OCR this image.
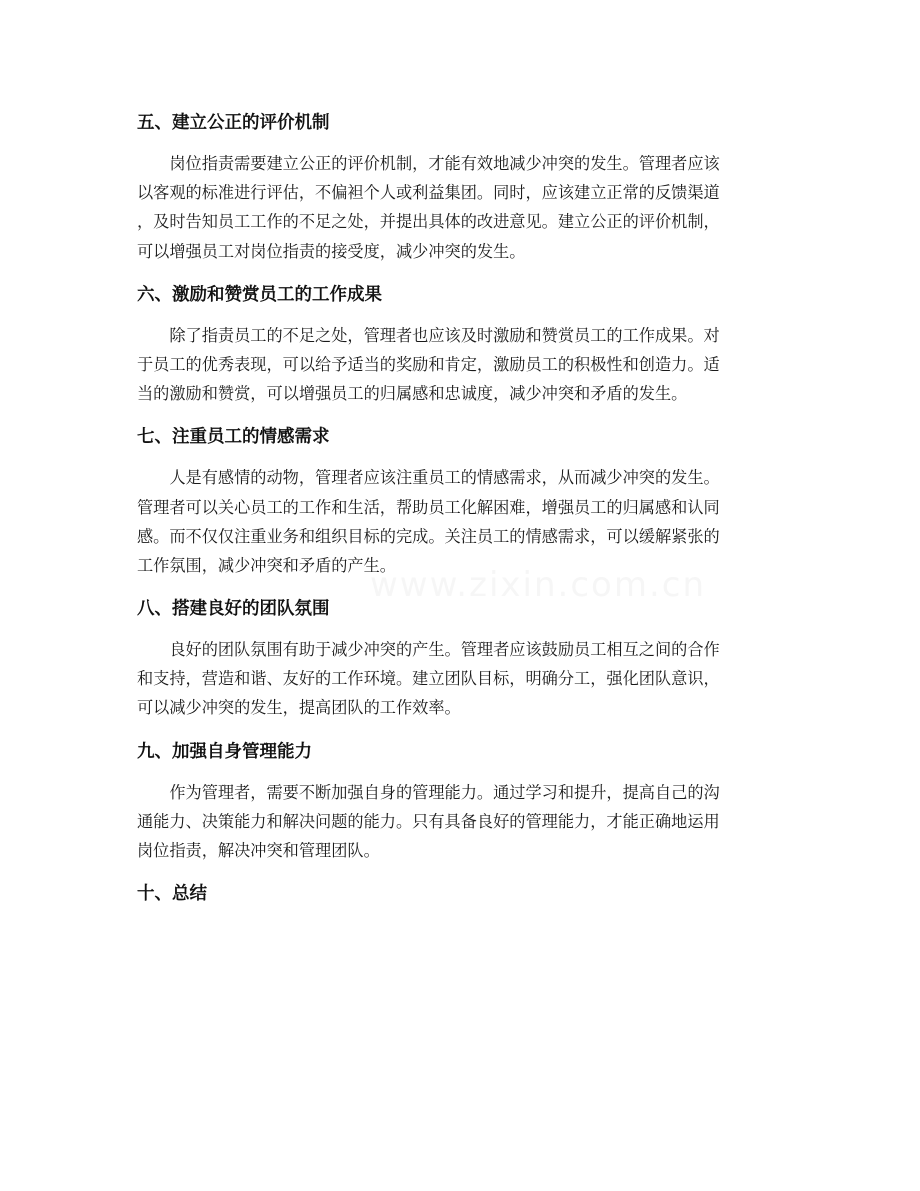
www.zixin.com.cn
五、建立公正的评价机制
　　岗位指责需要建立公正的评价机制，才能有效地减少冲突的发生。管理者应该
以客观的标准进行评估，不偏袒个人或利益集团。同时，应该建立正常的反馈渠道
，及时告知员工工作的不足之处，并提出具体的改进意见。建立公正的评价机制，
可以增强员工对岗位指责的接受度，减少冲突的发生。
六、激励和赞赏员工的工作成果
　　除了指责员工的不足之处，管理者也应该及时激励和赞赏员工的工作成果。对
于员工的优秀表现，可以给予适当的奖励和肯定，激励员工的积极性和创造力。适
当的激励和赞赏，可以增强员工的归属感和忠诚度，减少冲突和矛盾的发生。
七、注重员工的情感需求
　　人是有感情的动物，管理者应该注重员工的情感需求，从而减少冲突的发生。
管理者可以关心员工的工作和生活，帮助员工化解困难，增强员工的归属感和认同
感。而不仅仅注重业务和组织目标的完成。关注员工的情感需求，可以缓解紧张的
工作氛围，减少冲突和矛盾的产生。
八、搭建良好的团队氛围
　　良好的团队氛围有助于减少冲突的产生。管理者应该鼓励员工相互之间的合作
和支持，营造和谐、友好的工作环境。建立团队目标，明确分工，强化团队意识，
可以减少冲突的发生，提高团队的工作效率。
九、加强自身管理能力
　　作为管理者，需要不断加强自身的管理能力。通过学习和提升，提高自己的沟
通能力、决策能力和解决问题的能力。只有具备良好的管理能力，才能正确地运用
岗位指责，解决冲突和管理团队。
十、总结
